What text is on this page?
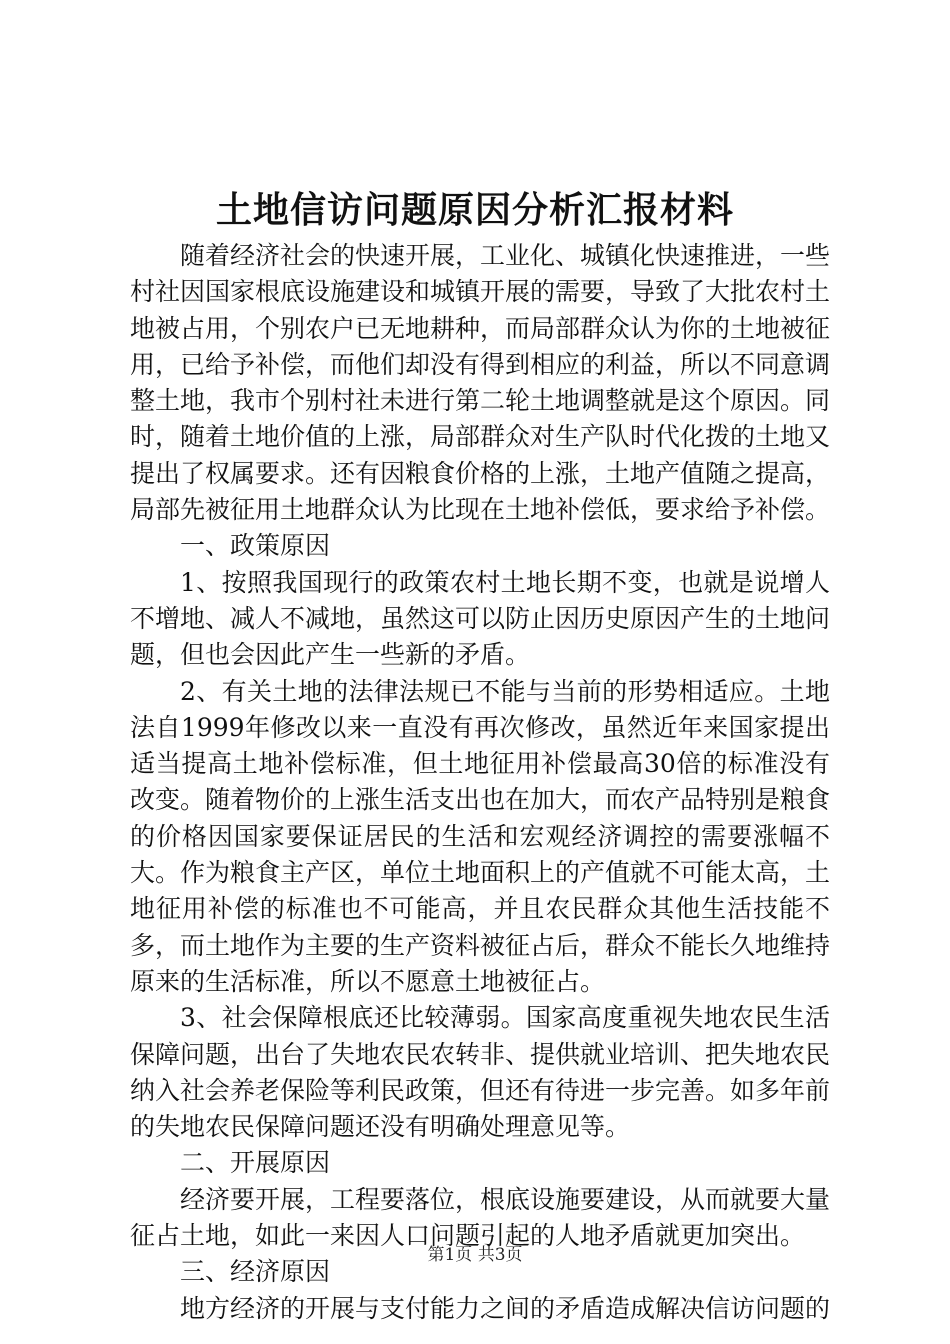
土地信访问题原因分析汇报材料

随着经济社会的快速开展，工业化、城镇化快速推进，一些村社因国家根底设施建设和城镇开展的需要，导致了大批农村土地被占用，个别农户已无地耕种，而局部群众认为你的土地被征用，已给予补偿，而他们却没有得到相应的利益，所以不同意调整土地，我市个别村社未进行第二轮土地调整就是这个原因。同时，随着土地价值的上涨，局部群众对生产队时代化拨的土地又提出了权属要求。还有因粮食价格的上涨，土地产值随之提高，局部先被征用土地群众认为比现在土地补偿低，要求给予补偿。

一、政策原因

1、按照我国现行的政策农村土地长期不变，也就是说增人不增地、减人不减地，虽然这可以防止因历史原因产生的土地问题，但也会因此产生一些新的矛盾。

2、有关土地的法律法规已不能与当前的形势相适应。土地法自1999年修改以来一直没有再次修改，虽然近年来国家提出适当提高土地补偿标准，但土地征用补偿最高30倍的标准没有改变。随着物价的上涨生活支出也在加大，而农产品特别是粮食的价格因国家要保证居民的生活和宏观经济调控的需要涨幅不大。作为粮食主产区，单位土地面积上的产值就不可能太高，土地征用补偿的标准也不可能高，并且农民群众其他生活技能不多，而土地作为主要的生产资料被征占后，群众不能长久地维持原来的生活标准，所以不愿意土地被征占。

3、社会保障根底还比较薄弱。国家高度重视失地农民生活保障问题，出台了失地农民农转非、提供就业培训、把失地农民纳入社会养老保险等利民政策，但还有待进一步完善。如多年前的失地农民保障问题还没有明确处理意见等。

二、开展原因

经济要开展，工程要落位，根底设施要建设，从而就要大量征占土地，如此一来因人口问题引起的人地矛盾就更加突出。

三、经济原因

地方经济的开展与支付能力之间的矛盾造成解决信访问题的

第1页 共3页
